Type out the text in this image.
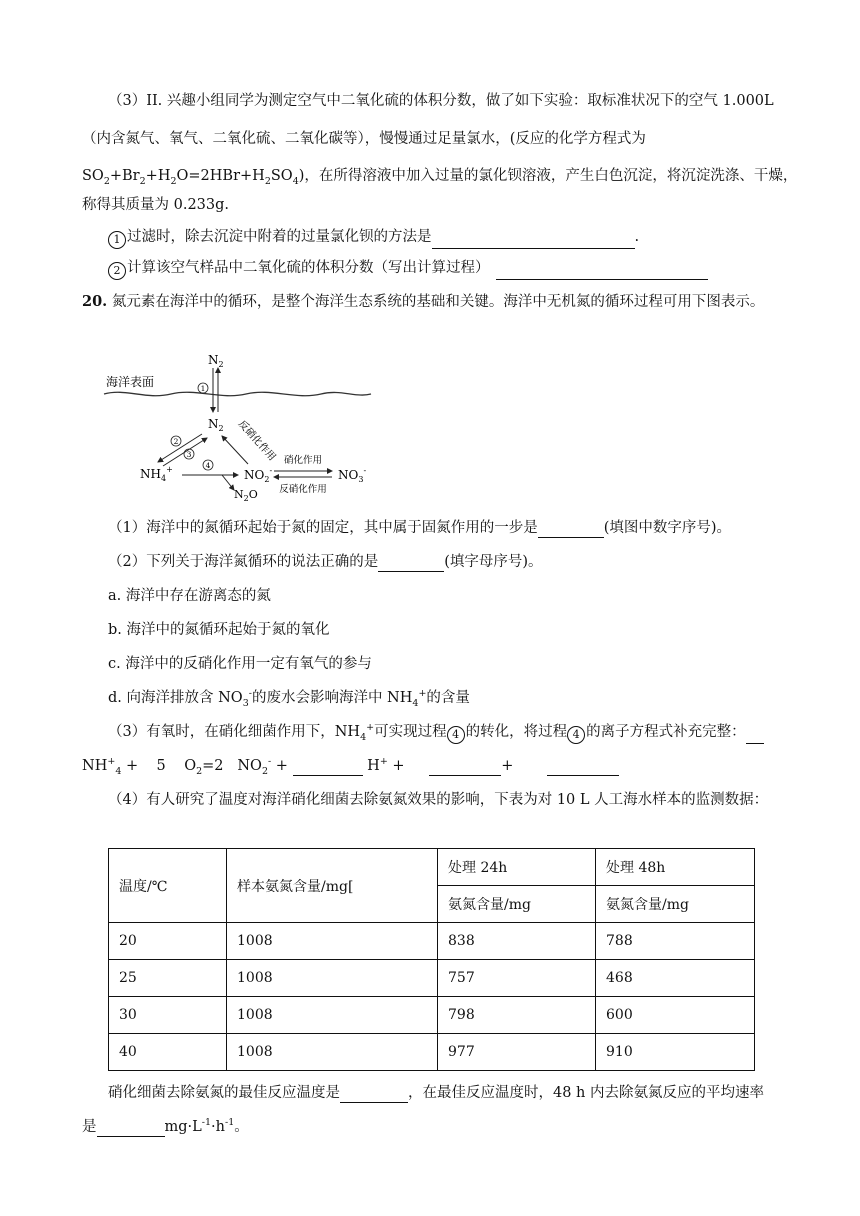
（3）II. 兴趣小组同学为测定空气中二氧化硫的体积分数，做了如下实验：取标准状况下的空气 1.000L
（内含氮气、氧气、二氧化硫、二氧化碳等），慢慢通过足量氯水，(反应的化学方程式为
$SO_2+Br_2+H_2O=2HBr+H_2SO_4$)，在所得溶液中加入过量的氯化钡溶液，产生白色沉淀，将沉淀洗涤、干燥，
称得其质量为 0.233g.
1 过滤时，除去沉淀中附着的过量氯化钡的方法是	.
2 计算该空气样品中二氧化硫的体积分数（写出计算过程）
20. 氮元素在海洋中的循环，是整个海洋生态系统的基础和关键。海洋中无机氮的循环过程可用下图表示。
海洋表面
$N_2$
1
$N_2$
2
3	反硝化作用
$NH_4^+$	4
$NO_2^-$
$N_2O$
硝化作用
反硝化作用
$NO_3^-$
（1）海洋中的氮循环起始于氮的固定，其中属于固氮作用的一步是	(填图中数字序号)。
（2）下列关于海洋氮循环的说法正确的是	(填字母序号)。
a. 海洋中存在游离态的氮
b. 海洋中的氮循环起始于氮的氧化
c. 海洋中的反硝化作用一定有氧气的参与
d. 向海洋排放含 $NO_3^-$的废水会影响海洋中 $NH_4^+$的含量
（3）有氧时，在硝化细菌作用下，$NH_4^+$可实现过程 4 的转化，将过程 4 的离子方程式补充完整：
$NH^+_4$ +    5    $O_2=2$   $NO_2^-$ +	H+ +	+
（4）有人研究了温度对海洋硝化细菌去除氨氮效果的影响，下表为对 10 L 人工海水样本的监测数据：
温度/℃	样本氨氮含量/mg[	处理 24h	处理 48h
		氨氮含量/mg	氨氮含量/mg
20	1008	838	788
25	1008	757	468
30	1008	798	600
40	1008	977	910
硝化细菌去除氨氮的最佳反应温度是	，在最佳反应温度时，48 h 内去除氨氮反应的平均速率
是	$mg\cdot L^{-1}\cdot h^{-1}$。
